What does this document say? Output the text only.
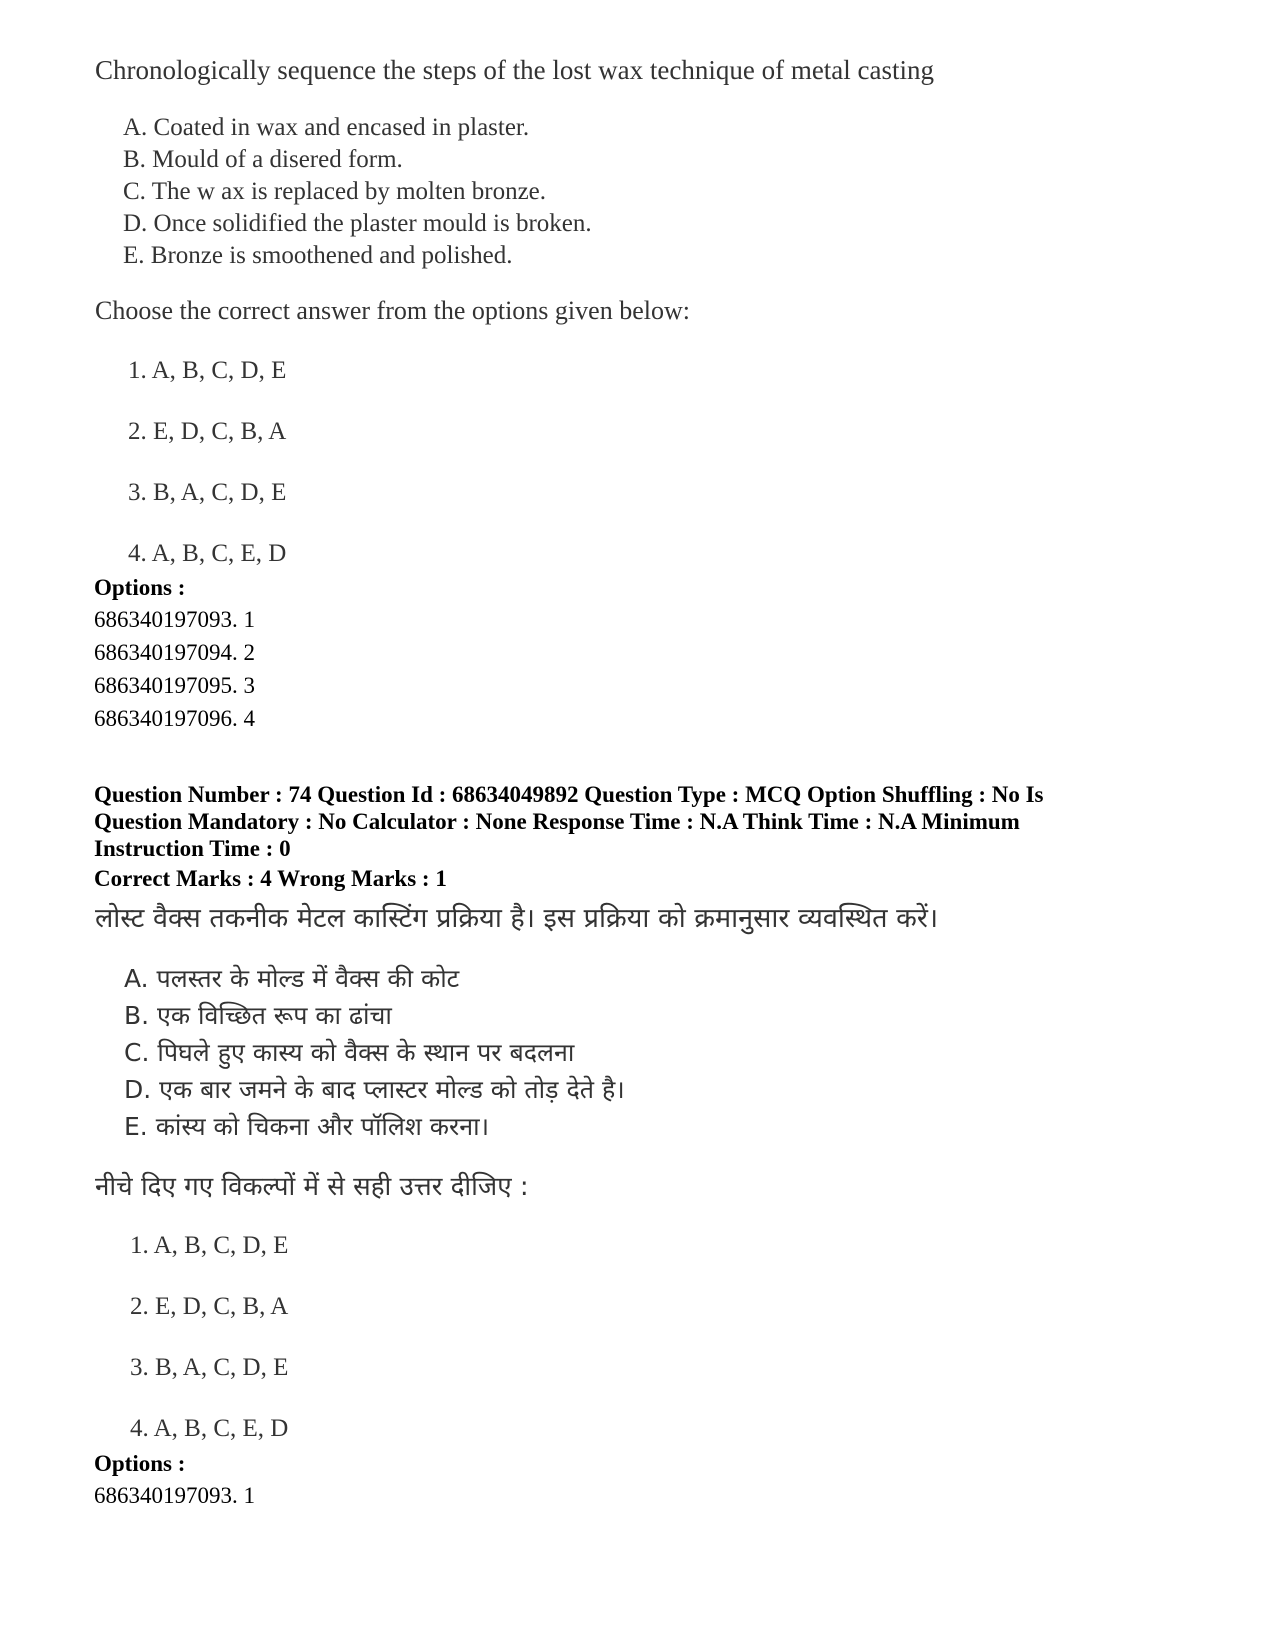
Chronologically sequence the steps of the lost wax technique of metal casting
A. Coated in wax and encased in plaster.
B. Mould of a disered form.
C. The w ax is replaced by molten bronze.
D. Once solidified the plaster mould is broken.
E. Bronze is smoothened and polished.
Choose the correct answer from the options given below:
1. A, B, C, D, E
2. E, D, C, B, A
3. B, A, C, D, E
4. A, B, C, E, D
Options :
686340197093. 1
686340197094. 2
686340197095. 3
686340197096. 4
Question Number : 74 Question Id : 68634049892 Question Type : MCQ Option Shuffling : No Is
Question Mandatory : No Calculator : None Response Time : N.A Think Time : N.A Minimum
Instruction Time : 0
Correct Marks : 4 Wrong Marks : 1
लोस्ट वैक्स तकनीक मेटल कास्टिंग प्रक्रिया है। इस प्रक्रिया को क्रमानुसार व्यवस्थित करें।
A. पलस्तर के मोल्ड में वैक्स की कोट
B. एक विच्छित रूप का ढांचा
C. पिघले हुए कास्य को वैक्स के स्थान पर बदलना
D. एक बार जमने के बाद प्लास्टर मोल्ड को तोड़ देते है।
E. कांस्य को चिकना और पॉलिश करना।
नीचे दिए गए विकल्पों में से सही उत्तर दीजिए :
1. A, B, C, D, E
2. E, D, C, B, A
3. B, A, C, D, E
4. A, B, C, E, D
Options :
686340197093. 1
